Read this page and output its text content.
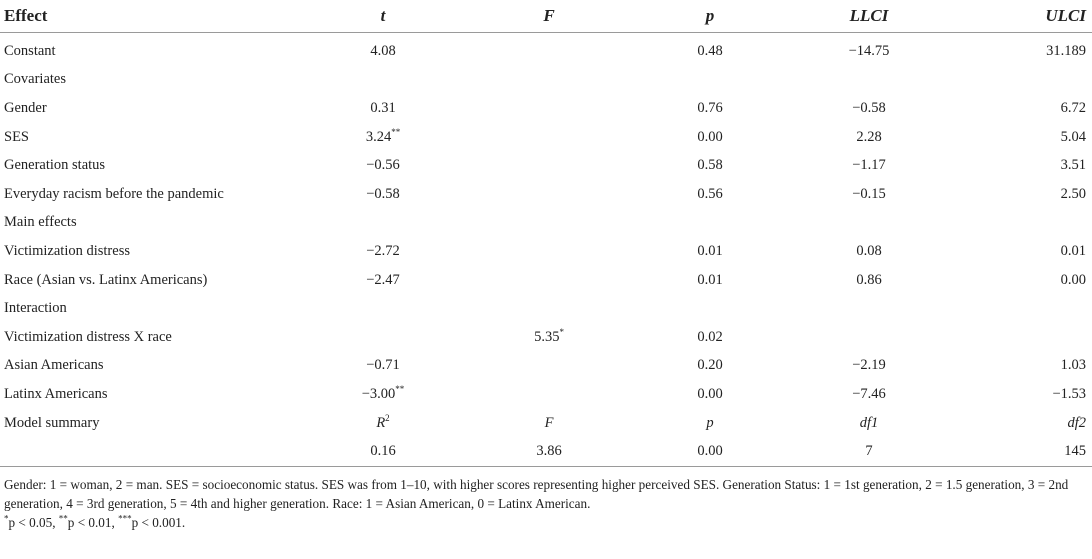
Effect	t	F	p	LLCI	ULCI
Constant	4.08		0.48	−14.75	31.189
Covariates					
Gender	0.31		0.76	−0.58	6.72
SES	3.24**		0.00	2.28	5.04
Generation status	−0.56		0.58	−1.17	3.51
Everyday racism before the pandemic	−0.58		0.56	−0.15	2.50
Main effects					
Victimization distress	−2.72		0.01	0.08	0.01
Race (Asian vs. Latinx Americans)	−2.47		0.01	0.86	0.00
Interaction					
Victimization distress X race		5.35*	0.02		
Asian Americans	−0.71		0.20	−2.19	1.03
Latinx Americans	−3.00**		0.00	−7.46	−1.53
Model summary	$R^2$	F	p	df1	df2
	0.16	3.86	0.00	7	145

Gender: 1 = woman, 2 = man. SES = socioeconomic status. SES was from 1–10, with higher scores representing higher perceived SES. Generation Status: 1 = 1st generation, 2 = 1.5 generation, 3 = 2nd generation, 4 = 3rd generation, 5 = 4th and higher generation. Race: 1 = Asian American, 0 = Latinx American.

*p < 0.05, **p < 0.01, ***p < 0.001.
